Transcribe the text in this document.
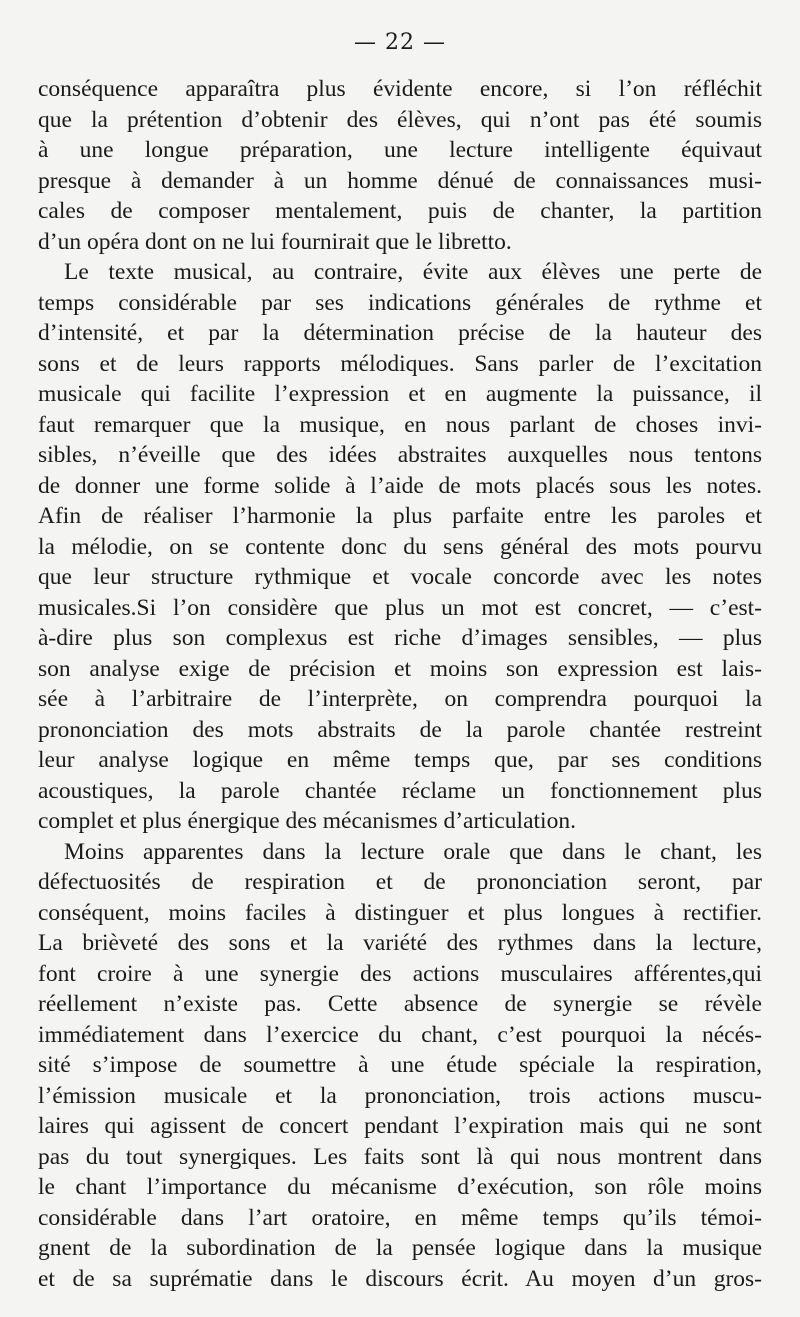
— 22 —
conséquence apparaîtra plus évidente encore, si l’on réfléchit
que la prétention d’obtenir des élèves, qui n’ont pas été soumis
à une longue préparation, une lecture intelligente équivaut
presque à demander à un homme dénué de connaissances musi-
cales de composer mentalement, puis de chanter, la partition
d’un opéra dont on ne lui fournirait que le libretto.
Le texte musical, au contraire, évite aux élèves une perte de
temps considérable par ses indications générales de rythme et
d’intensité, et par la détermination précise de la hauteur des
sons et de leurs rapports mélodiques. Sans parler de l’excitation
musicale qui facilite l’expression et en augmente la puissance, il
faut remarquer que la musique, en nous parlant de choses invi-
sibles, n’éveille que des idées abstraites auxquelles nous tentons
de donner une forme solide à l’aide de mots placés sous les notes.
Afin de réaliser l’harmonie la plus parfaite entre les paroles et
la mélodie, on se contente donc du sens général des mots pourvu
que leur structure rythmique et vocale concorde avec les notes
musicales.Si l’on considère que plus un mot est concret, — c’est-
à-dire plus son complexus est riche d’images sensibles, — plus
son analyse exige de précision et moins son expression est lais-
sée à l’arbitraire de l’interprète, on comprendra pourquoi la
prononciation des mots abstraits de la parole chantée restreint
leur analyse logique en même temps que, par ses conditions
acoustiques, la parole chantée réclame un fonctionnement plus
complet et plus énergique des mécanismes d’articulation.
Moins apparentes dans la lecture orale que dans le chant, les
défectuosités de respiration et de prononciation seront, par
conséquent, moins faciles à distinguer et plus longues à rectifier.
La brièveté des sons et la variété des rythmes dans la lecture,
font croire à une synergie des actions musculaires afférentes,qui
réellement n’existe pas. Cette absence de synergie se révèle
immédiatement dans l’exercice du chant, c’est pourquoi la nécés-
sité s’impose de soumettre à une étude spéciale la respiration,
l’émission musicale et la prononciation, trois actions muscu-
laires qui agissent de concert pendant l’expiration mais qui ne sont
pas du tout synergiques. Les faits sont là qui nous montrent dans
le chant l’importance du mécanisme d’exécution, son rôle moins
considérable dans l’art oratoire, en même temps qu’ils témoi-
gnent de la subordination de la pensée logique dans la musique
et de sa suprématie dans le discours écrit. Au moyen d’un gros-
